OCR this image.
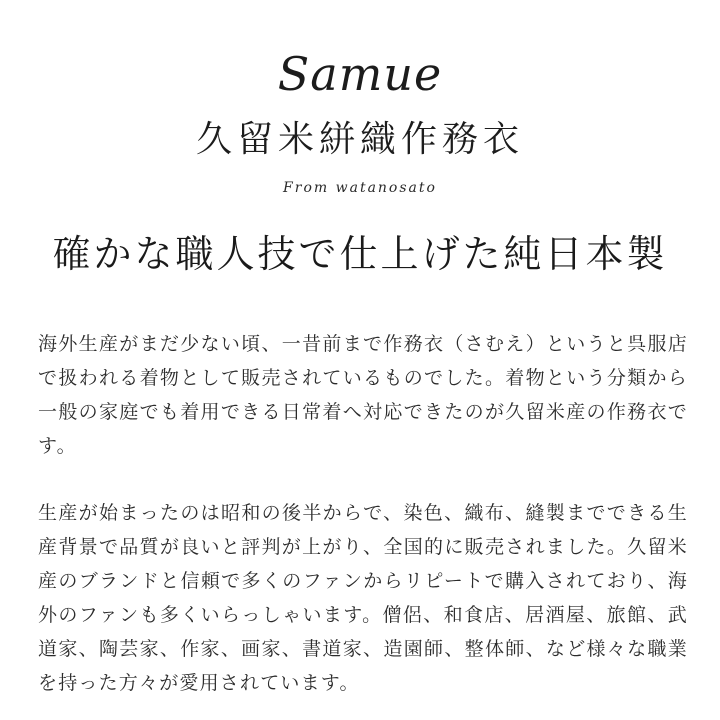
Samue
久留米絣織作務衣
From watanosato
確かな職人技で仕上げた純日本製

海外生産がまだ少ない頃、一昔前まで作務衣（さむえ）というと呉服店で扱われる着物として販売されているものでした。着物という分類から一般の家庭でも着用できる日常着へ対応できたのが久留米産の作務衣です。

生産が始まったのは昭和の後半からで、染色、織布、縫製までできる生産背景で品質が良いと評判が上がり、全国的に販売されました。久留米産のブランドと信頼で多くのファンからリピートで購入されており、海外のファンも多くいらっしゃいます。僧侶、和食店、居酒屋、旅館、武道家、陶芸家、作家、画家、書道家、造園師、整体師、など様々な職業を持った方々が愛用されています。
